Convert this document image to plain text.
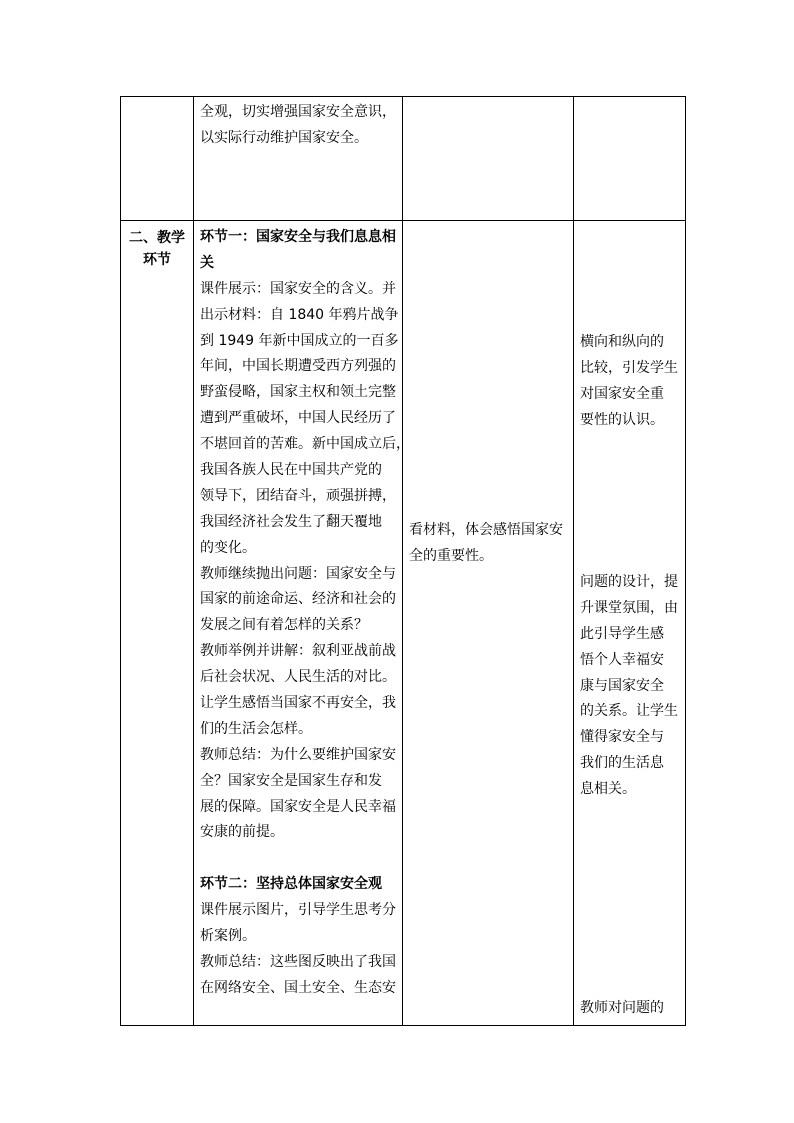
全观，切实增强国家安全意识，
以实际行动维护国家安全。
二、教学
环节
环节一：国家安全与我们息息相
关
课件展示：国家安全的含义。并
出示材料：自 1840 年鸦片战争
到 1949 年新中国成立的一百多
年间，中国长期遭受西方列强的
野蛮侵略，国家主权和领土完整
遭到严重破坏，中国人民经历了
不堪回首的苦难。新中国成立后，
我国各族人民在中国共产党的
领导下，团结奋斗，顽强拼搏，
我国经济社会发生了翻天覆地
的变化。
教师继续抛出问题：国家安全与
国家的前途命运、经济和社会的
发展之间有着怎样的关系？
教师举例并讲解：叙利亚战前战
后社会状况、人民生活的对比。
让学生感悟当国家不再安全，我
们的生活会怎样。
教师总结：为什么要维护国家安
全？国家安全是国家生存和发
展的保障。国家安全是人民幸福
安康的前提。
环节二：坚持总体国家安全观
课件展示图片，引导学生思考分
析案例。
教师总结：这些图反映出了我国
在网络安全、国土安全、生态安
看材料，体会感悟国家安
全的重要性。
横向和纵向的
比较，引发学生
对国家安全重
要性的认识。
问题的设计，提
升课堂氛围，由
此引导学生感
悟个人幸福安
康与国家安全
的关系。让学生
懂得家安全与
我们的生活息
息相关。
教师对问题的
